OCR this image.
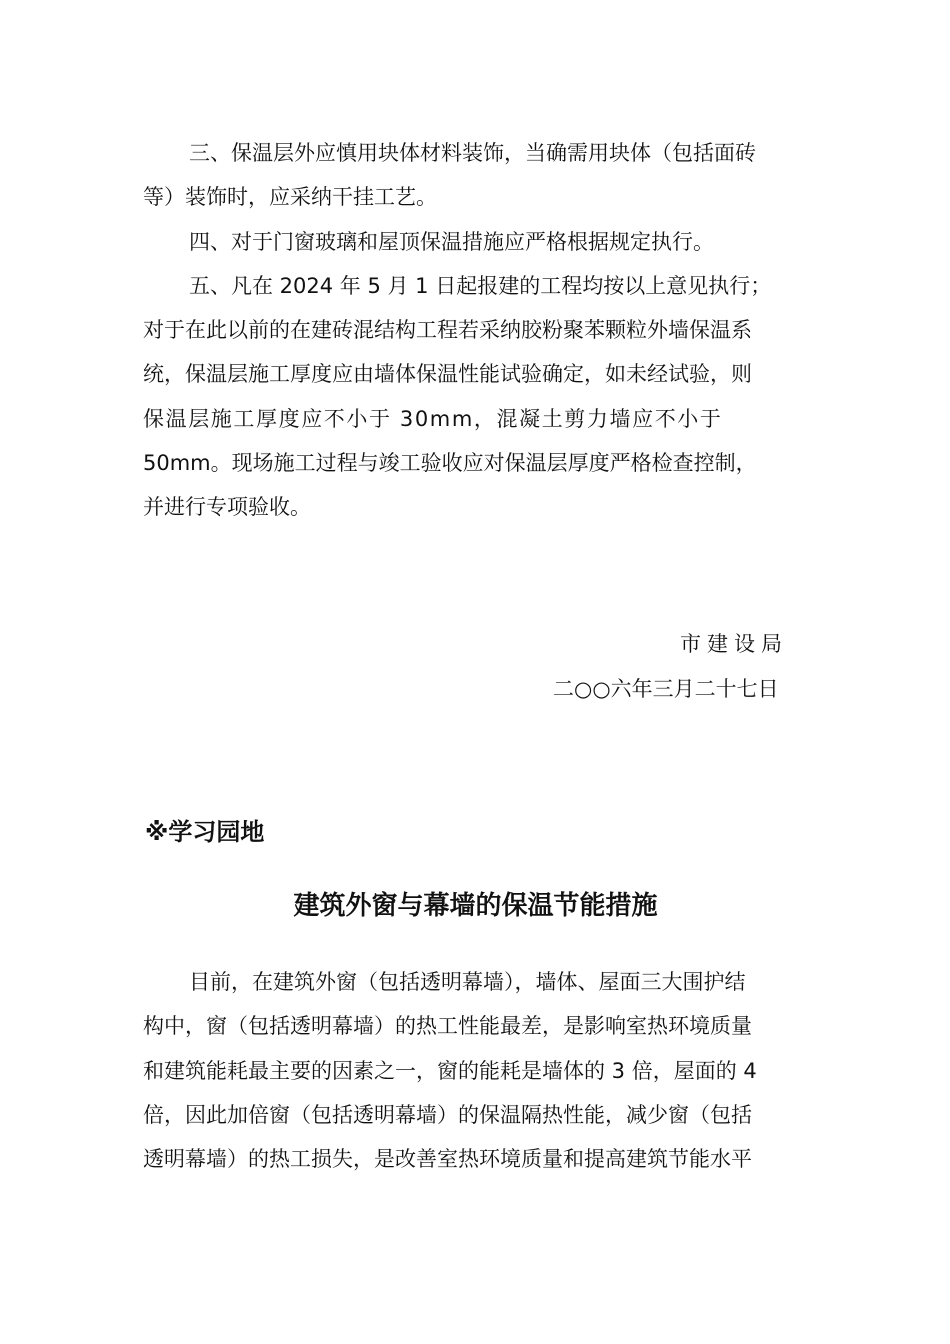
三、保温层外应慎用块体材料装饰，当确需用块体（包括面砖
等）装饰时，应采纳干挂工艺。

四、对于门窗玻璃和屋顶保温措施应严格根据规定执行。

五、凡在 2024 年 5 月 1 日起报建的工程均按以上意见执行；
对于在此以前的在建砖混结构工程若采纳胶粉聚苯颗粒外墙保温系
统，保温层施工厚度应由墙体保温性能试验确定，如未经试验，则
保温层施工厚度应不小于 30mm，混凝土剪力墙应不小于
50mm。现场施工过程与竣工验收应对保温层厚度严格检查控制，
并进行专项验收。

市建设局
二○○六年三月二十七日
※学习园地
建筑外窗与幕墙的保温节能措施

目前，在建筑外窗（包括透明幕墙），墙体、屋面三大围护结
构中，窗（包括透明幕墙）的热工性能最差，是影响室热环境质量
和建筑能耗最主要的因素之一，窗的能耗是墙体的 3 倍，屋面的 4
倍，因此加倍窗（包括透明幕墙）的保温隔热性能，减少窗（包括
透明幕墙）的热工损失，是改善室热环境质量和提高建筑节能水平
